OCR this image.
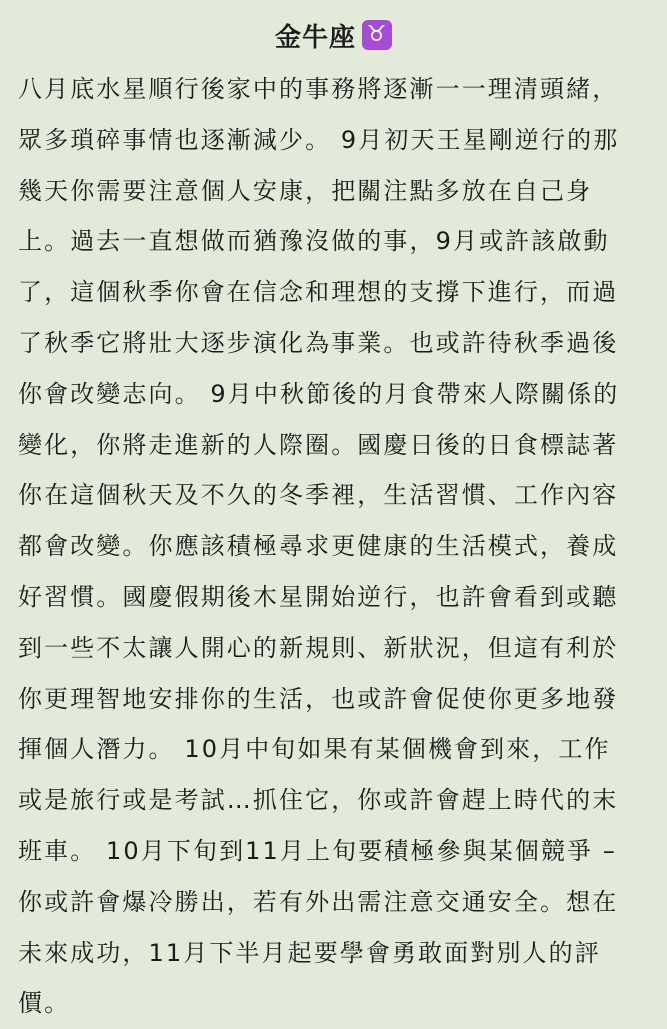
金牛座 ♉
八月底水星順行後家中的事務將逐漸一一理清頭緒，
眾多瑣碎事情也逐漸減少。 9月初天王星剛逆行的那
幾天你需要注意個人安康，把關注點多放在自己身
上。過去一直想做而猶豫沒做的事，9月或許該啟動
了，這個秋季你會在信念和理想的支撐下進行，而過
了秋季它將壯大逐步演化為事業。也或許待秋季過後
你會改變志向。 9月中秋節後的月食帶來人際關係的
變化，你將走進新的人際圈。國慶日後的日食標誌著
你在這個秋天及不久的冬季裡，生活習慣、工作內容
都會改變。你應該積極尋求更健康的生活模式，養成
好習慣。國慶假期後木星開始逆行，也許會看到或聽
到一些不太讓人開心的新規則、新狀況，但這有利於
你更理智地安排你的生活，也或許會促使你更多地發
揮個人潛力。 10月中旬如果有某個機會到來，工作
或是旅行或是考試…抓住它，你或許會趕上時代的末
班車。 10月下旬到11月上旬要積極參與某個競爭 –
你或許會爆冷勝出，若有外出需注意交通安全。想在
未來成功，11月下半月起要學會勇敢面對別人的評
價。
